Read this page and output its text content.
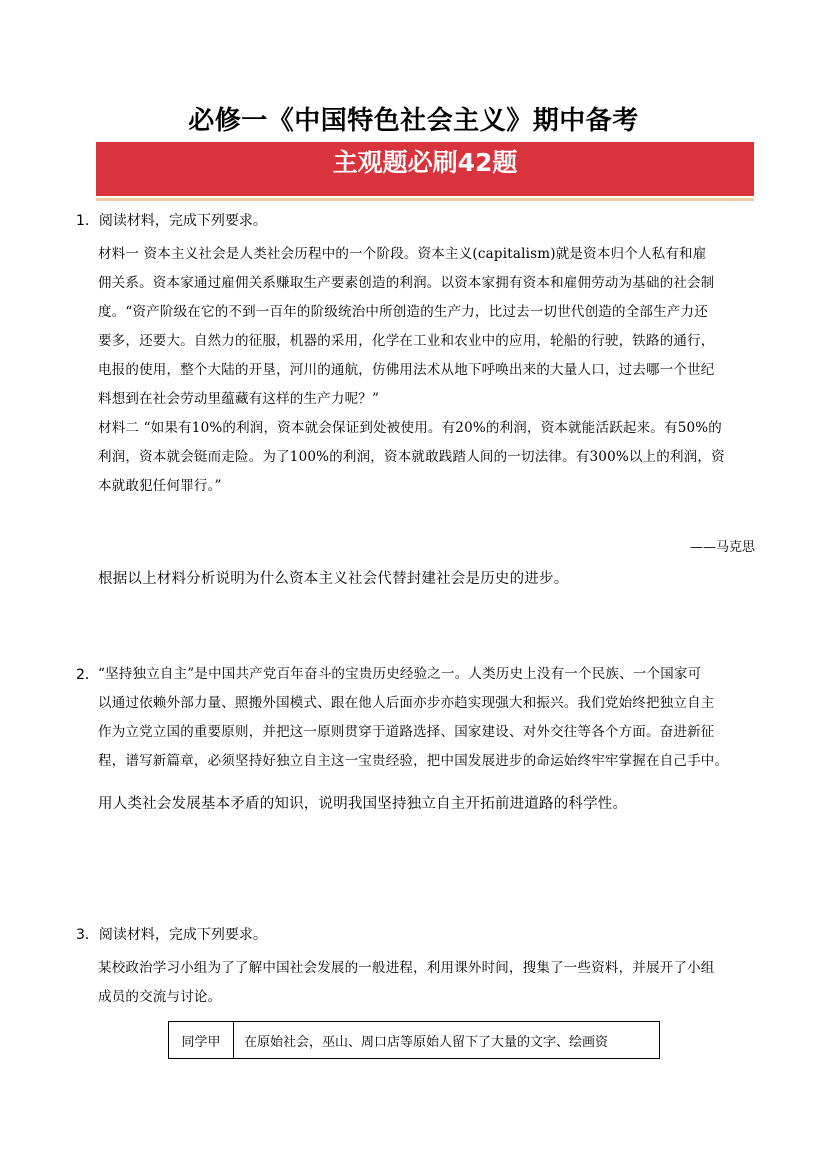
必修一《中国特色社会主义》期中备考
主观题必刷42题
1．阅读材料，完成下列要求。
材料一 资本主义社会是人类社会历程中的一个阶段。资本主义(capitalism)就是资本归个人私有和雇
佣关系。资本家通过雇佣关系赚取生产要素创造的利润。以资本家拥有资本和雇佣劳动为基础的社会制
度。“资产阶级在它的不到一百年的阶级统治中所创造的生产力，比过去一切世代创造的全部生产力还
要多，还要大。自然力的征服，机器的采用，化学在工业和农业中的应用，轮船的行驶，铁路的通行，
电报的使用，整个大陆的开垦，河川的通航，仿佛用法术从地下呼唤出来的大量人口，过去哪一个世纪
料想到在社会劳动里蕴藏有这样的生产力呢？”
材料二 “如果有10%的利润，资本就会保证到处被使用。有20%的利润，资本就能活跃起来。有50%的
利润，资本就会铤而走险。为了100%的利润，资本就敢践踏人间的一切法律。有300%以上的利润，资
本就敢犯任何罪行。”
——马克思
根据以上材料分析说明为什么资本主义社会代替封建社会是历史的进步。
2． “坚持独立自主”是中国共产党百年奋斗的宝贵历史经验之一。人类历史上没有一个民族、一个国家可
以通过依赖外部力量、照搬外国模式、跟在他人后面亦步亦趋实现强大和振兴。我们党始终把独立自主
作为立党立国的重要原则，并把这一原则贯穿于道路选择、国家建设、对外交往等各个方面。奋进新征
程，谱写新篇章，必须坚持好独立自主这一宝贵经验，把中国发展进步的命运始终牢牢掌握在自己手中。
用人类社会发展基本矛盾的知识，说明我国坚持独立自主开拓前进道路的科学性。
3．阅读材料，完成下列要求。
某校政治学习小组为了了解中国社会发展的一般进程，利用课外时间，搜集了一些资料，并展开了小组
成员的交流与讨论。
同学甲	在原始社会，巫山、周口店等原始人留下了大量的文字、绘画资
